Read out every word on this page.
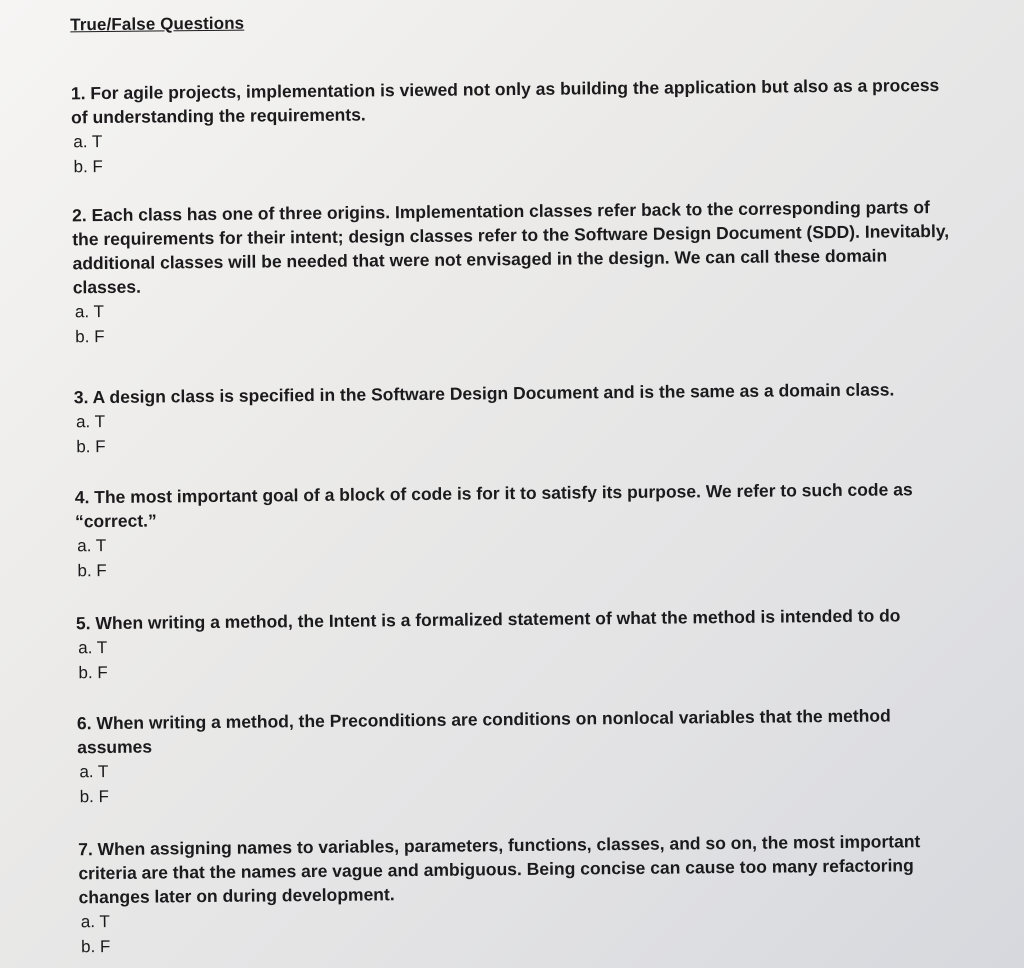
True/False Questions

1. For agile projects, implementation is viewed not only as building the application but also as a process of understanding the requirements.

a. T
b. F

2. Each class has one of three origins. Implementation classes refer back to the corresponding parts of the requirements for their intent; design classes refer to the Software Design Document (SDD). Inevitably, additional classes will be needed that were not envisaged in the design. We can call these domain classes.

a. T
b. F

3. A design class is specified in the Software Design Document and is the same as a domain class.

a. T
b. F

4. The most important goal of a block of code is for it to satisfy its purpose. We refer to such code as “correct.”

a. T
b. F

5. When writing a method, the Intent is a formalized statement of what the method is intended to do

a. T
b. F

6. When writing a method, the Preconditions are conditions on nonlocal variables that the method assumes

a. T
b. F

7. When assigning names to variables, parameters, functions, classes, and so on, the most important criteria are that the names are vague and ambiguous. Being concise can cause too many refactoring changes later on during development.

a. T
b. F
